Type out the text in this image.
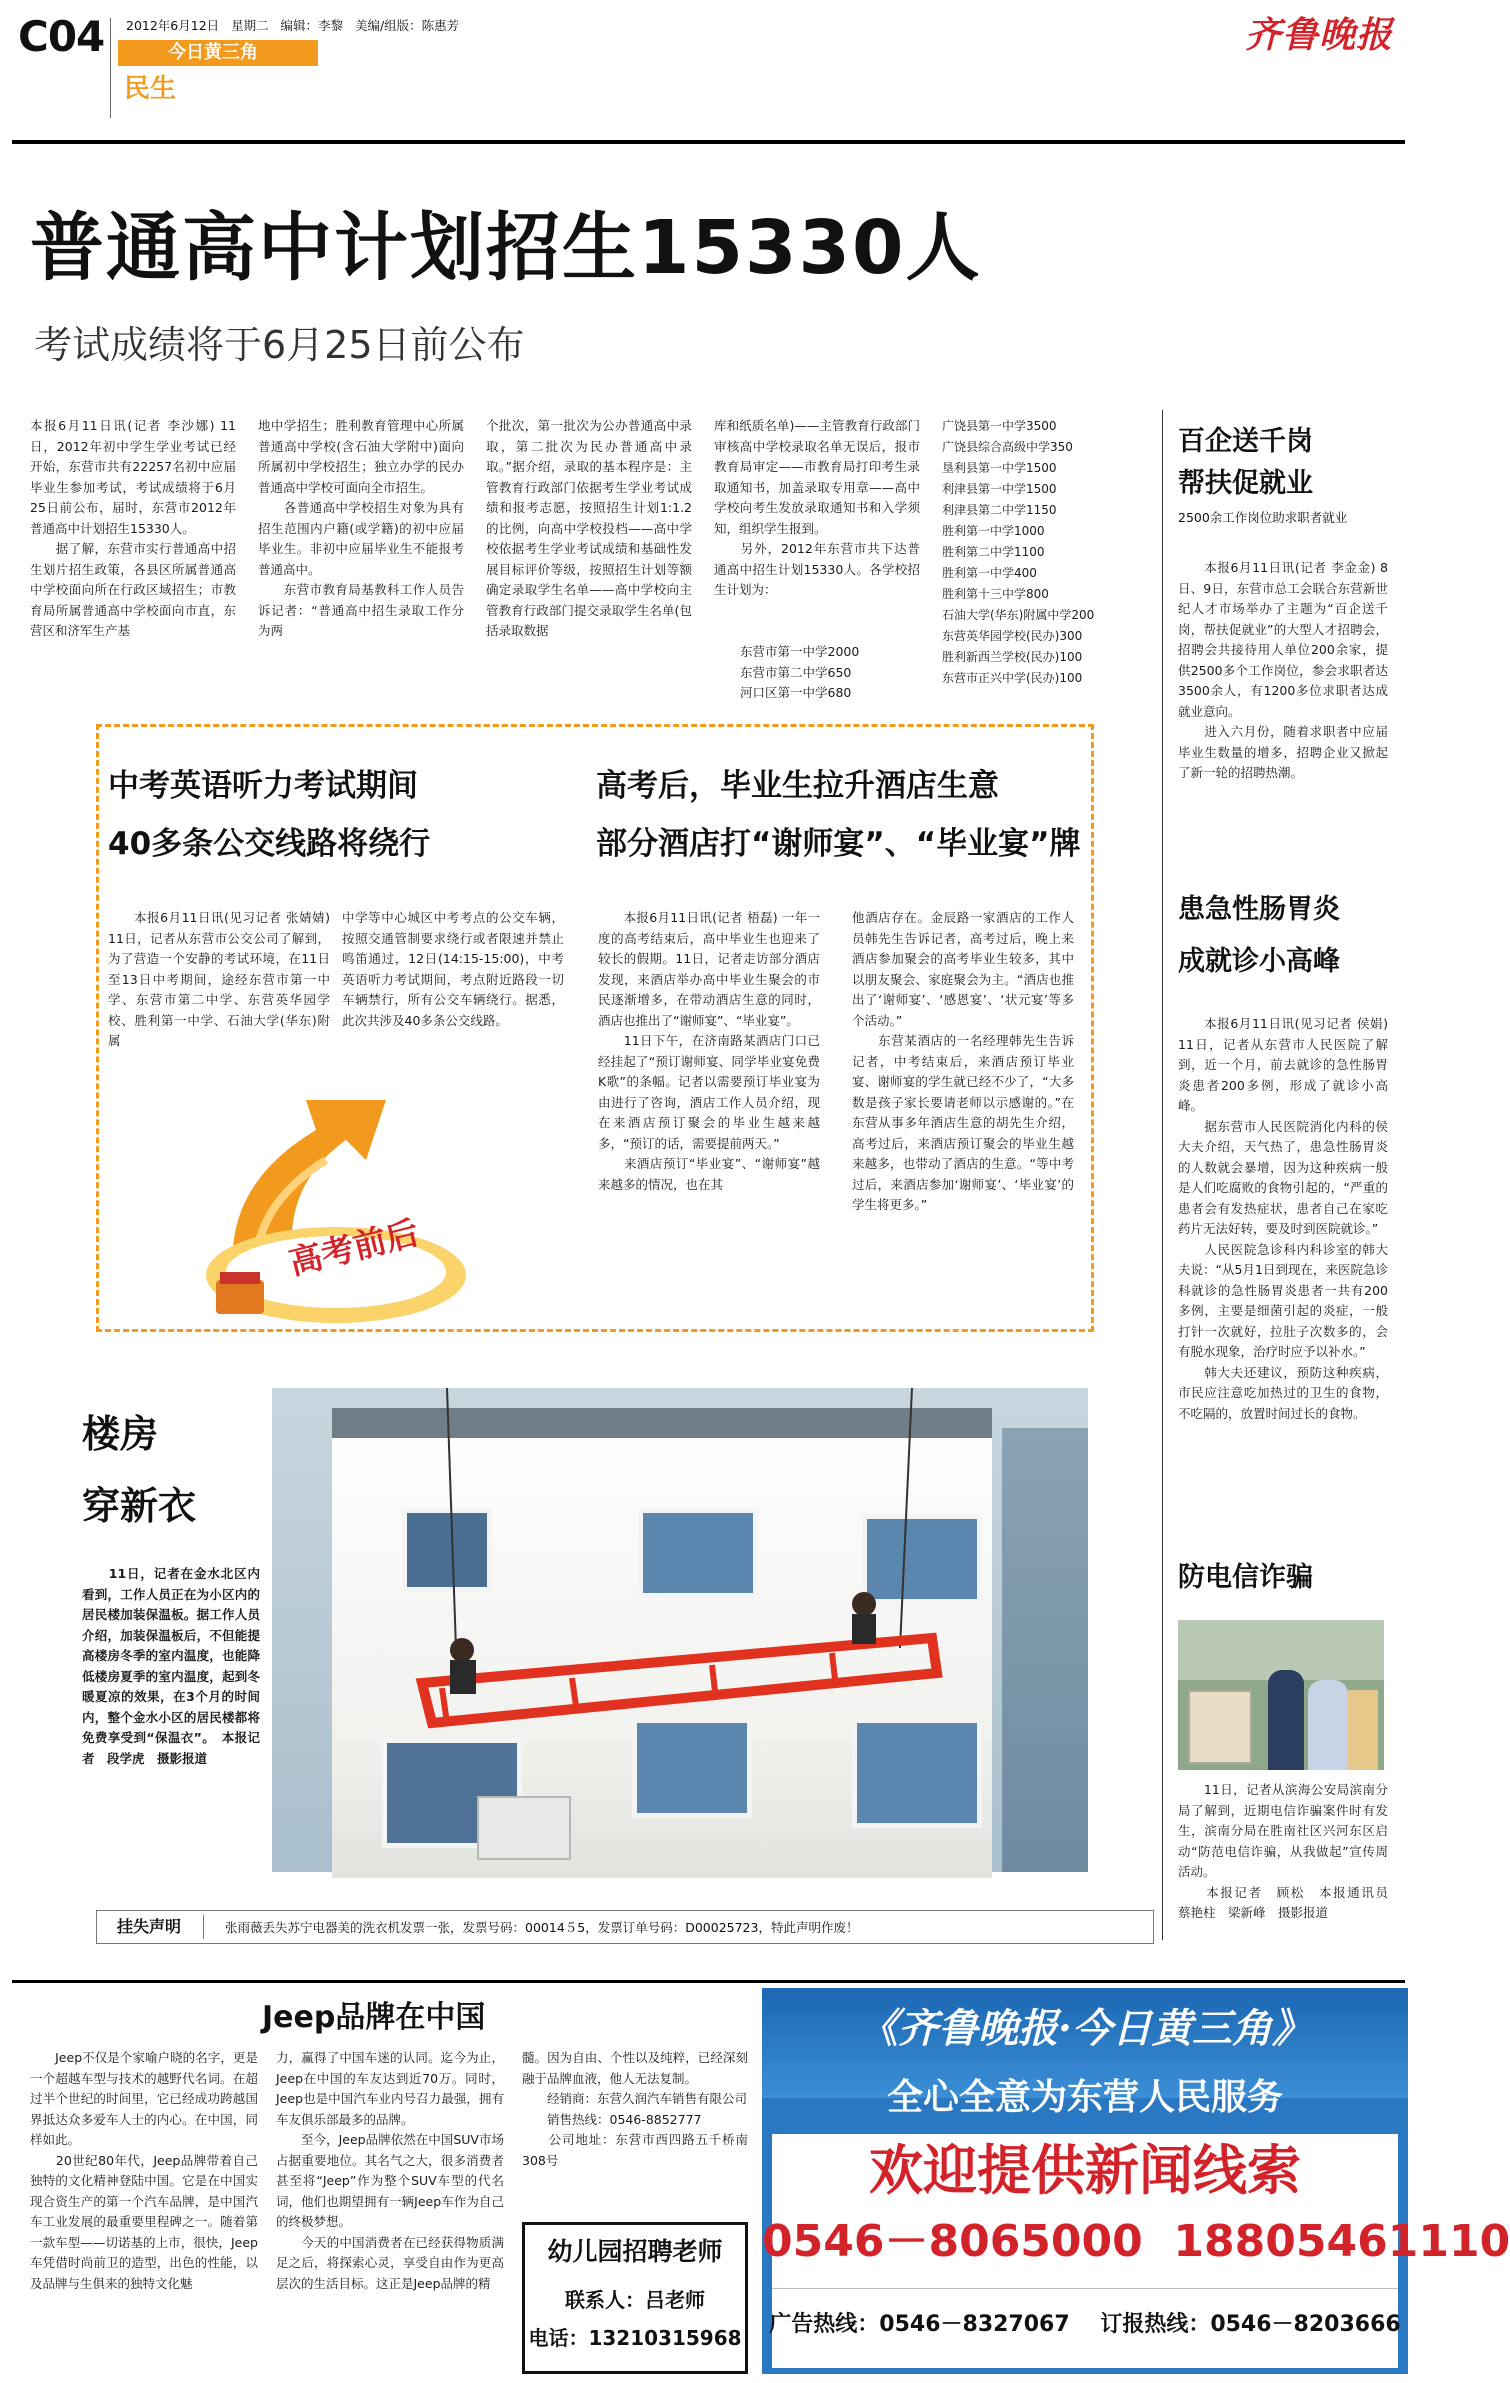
C04 2012年6月12日 星期二 编辑：李黎 美编/组版：陈惠芳
今日黄三角
民生
齐鲁晚报
普通高中计划招生15330人
考试成绩将于6月25日前公布
本报6月11日讯(记者 李沙娜) 11日，2012年初中学生学业考试已经开始，东营市共有22257名初中应届毕业生参加考试，考试成绩将于6月25日前公布，届时，东营市2012年普通高中计划招生15330人。
　　据了解，东营市实行普通高中招生划片招生政策，各县区所属普通高中学校面向所在行政区域招生；市教育局所属普通高中学校面向市直，东营区和济军生产基
地中学招生；胜利教育管理中心所属普通高中学校(含石油大学附中)面向所属初中学校招生；独立办学的民办普通高中学校可面向全市招生。
　　各普通高中学校招生对象为具有招生范围内户籍(或学籍)的初中应届毕业生。非初中应届毕业生不能报考普通高中。
　　东营市教育局基教科工作人员告诉记者：“普通高中招生录取工作分为两
个批次，第一批次为公办普通高中录取，第二批次为民办普通高中录取。”据介绍，录取的基本程序是：主管教育行政部门依据考生学业考试成绩和报考志愿，按照招生计划1:1.2的比例，向高中学校投档——高中学校依据考生学业考试成绩和基础性发展目标评价等级，按照招生计划等额确定录取学生名单——高中学校向主管教育行政部门提交录取学生名单(包括录取数据
库和纸质名单)——主管教育行政部门审核高中学校录取名单无误后，报市教育局审定——市教育局打印考生录取通知书，加盖录取专用章——高中学校向考生发放录取通知书和入学须知，组织学生报到。
　　另外，2012年东营市共下达普通高中招生计划15330人。各学校招生计划为：
东营市第一中学2000
东营市第二中学650
河口区第一中学680
广饶县第一中学3500
广饶县综合高级中学350
垦利县第一中学1500
利津县第一中学1500
利津县第二中学1150
胜利第一中学1000
胜利第二中学1100
胜利第一中学400
胜利第十三中学800
石油大学(华东)附属中学200
东营英华园学校(民办)300
胜利新西兰学校(民办)100
东营市正兴中学(民办)100
中考英语听力考试期间
40多条公交线路将绕行
　　本报6月11日讯(见习记者 张婧婧) 11日，记者从东营市公交公司了解到，为了营造一个安静的考试环境，在11日至13日中考期间，途经东营市第一中学、东营市第二中学、东营英华园学校、胜利第一中学、石油大学(华东)附属
中学等中心城区中考考点的公交车辆，按照交通管制要求绕行或者限速并禁止鸣笛通过，12日(14:15-15:00)，中考英语听力考试期间，考点附近路段一切车辆禁行，所有公交车辆绕行。据悉，此次共涉及40多条公交线路。
高考前后
高考后，毕业生拉升酒店生意
部分酒店打“谢师宴”、“毕业宴”牌
　　本报6月11日讯(记者 梧磊) 一年一度的高考结束后，高中毕业生也迎来了较长的假期。11日，记者走访部分酒店发现，来酒店举办高中毕业生聚会的市民逐渐增多，在带动酒店生意的同时，酒店也推出了“谢师宴”、“毕业宴”。
　　11日下午，在济南路某酒店门口已经挂起了“预订谢师宴、同学毕业宴免费K歌”的条幅。记者以需要预订毕业宴为由进行了咨询，酒店工作人员介绍，现在来酒店预订聚会的毕业生越来越多，“预订的话，需要提前两天。”
　　来酒店预订“毕业宴”、“谢师宴”越来越多的情况，也在其
他酒店存在。金辰路一家酒店的工作人员韩先生告诉记者，高考过后，晚上来酒店参加聚会的高考毕业生较多，其中以朋友聚会、家庭聚会为主。“酒店也推出了‘谢师宴’、‘感恩宴’、‘状元宴’等多个活动。”
　　东营某酒店的一名经理韩先生告诉记者，中考结束后，来酒店预订毕业宴、谢师宴的学生就已经不少了，“大多数是孩子家长要请老师以示感谢的。”在东营从事多年酒店生意的胡先生介绍，高考过后，来酒店预订聚会的毕业生越来越多，也带动了酒店的生意。“等中考过后，来酒店参加‘谢师宴’、‘毕业宴’的学生将更多。”
楼房
穿新衣
　　11日，记者在金水北区内看到，工作人员正在为小区内的居民楼加装保温板。据工作人员介绍，加装保温板后，不但能提高楼房冬季的室内温度，也能降低楼房夏季的室内温度，起到冬暖夏凉的效果，在3个月的时间内，整个金水小区的居民楼都将免费享受到“保温衣”。　本报记者　段学虎　摄影报道
百企送千岗
帮扶促就业
2500余工作岗位助求职者就业
　　本报6月11日讯(记者 李金金) 8日、9日，东营市总工会联合东营新世纪人才市场举办了主题为“百企送千岗，帮扶促就业”的大型人才招聘会，招聘会共接待用人单位200余家，提供2500多个工作岗位，参会求职者达3500余人，有1200多位求职者达成就业意向。
　　进入六月份，随着求职者中应届毕业生数量的增多，招聘企业又掀起了新一轮的招聘热潮。
患急性肠胃炎
成就诊小高峰
　　本报6月11日讯(见习记者 侯娟) 11日，记者从东营市人民医院了解到，近一个月，前去就诊的急性肠胃炎患者200多例，形成了就诊小高峰。
　　据东营市人民医院消化内科的侯大夫介绍，天气热了，患急性肠胃炎的人数就会暴增，因为这种疾病一般是人们吃腐败的食物引起的，“严重的患者会有发热症状，患者自己在家吃药片无法好转，要及时到医院就诊。”
　　人民医院急诊科内科诊室的韩大夫说：“从5月1日到现在，来医院急诊科就诊的急性肠胃炎患者一共有200多例，主要是细菌引起的炎症，一般打针一次就好，拉肚子次数多的，会有脱水现象，治疗时应予以补水。”
　　韩大夫还建议，预防这种疾病，市民应注意吃加热过的卫生的食物，不吃隔的，放置时间过长的食物。
防电信诈骗
　　11日，记者从滨海公安局滨南分局了解到，近期电信诈骗案件时有发生，滨南分局在胜南社区兴河东区启动“防范电信诈骗，从我做起”宣传周活动。
　　本报记者　顾松　本报通讯员　蔡艳柱　梁新峰　摄影报道
挂失声明	张雨薇丢失苏宁电器美的洗衣机发票一张，发票号码：00014５5，发票订单号码：D00025723，特此声明作废！
Jeep品牌在中国
　　Jeep不仅是个家喻户晓的名字，更是一个超越车型与技术的越野代名词。在超过半个世纪的时间里，它已经成功跨越国界抵达众多爱车人士的内心。在中国，同样如此。
　　20世纪80年代，Jeep品牌带着自己独特的文化精神登陆中国。它是在中国实现合资生产的第一个汽车品牌，是中国汽车工业发展的最重要里程碑之一。随着第一款车型——切诺基的上市，很快，Jeep车凭借时尚前卫的造型，出色的性能，以及品牌与生俱来的独特文化魅
力，赢得了中国车迷的认同。迄今为止，Jeep在中国的车友达到近70万。同时，Jeep也是中国汽车业内号召力最强，拥有车友俱乐部最多的品牌。
　　至今，Jeep品牌依然在中国SUV市场占据重要地位。其名气之大，很多消费者甚至将“Jeep”作为整个SUV车型的代名词，他们也期望拥有一辆Jeep车作为自己的终极梦想。
　　今天的中国消费者在已经获得物质满足之后，将探索心灵，享受自由作为更高层次的生活目标。这正是Jeep品牌的精
髓。因为自由、个性以及纯粹，已经深刻融于品牌血液，他人无法复制。
　　经销商：东营久润汽车销售有限公司
　　销售热线：0546-8852777
　　公司地址：东营市西四路五千桥南308号
幼儿园招聘老师
联系人：吕老师
电话：13210315968
《齐鲁晚报·今日黄三角》
全心全意为东营人民服务
欢迎提供新闻线索
0546－8065000 18805461110
广告热线：0546－8327067 订报热线：0546－8203666
